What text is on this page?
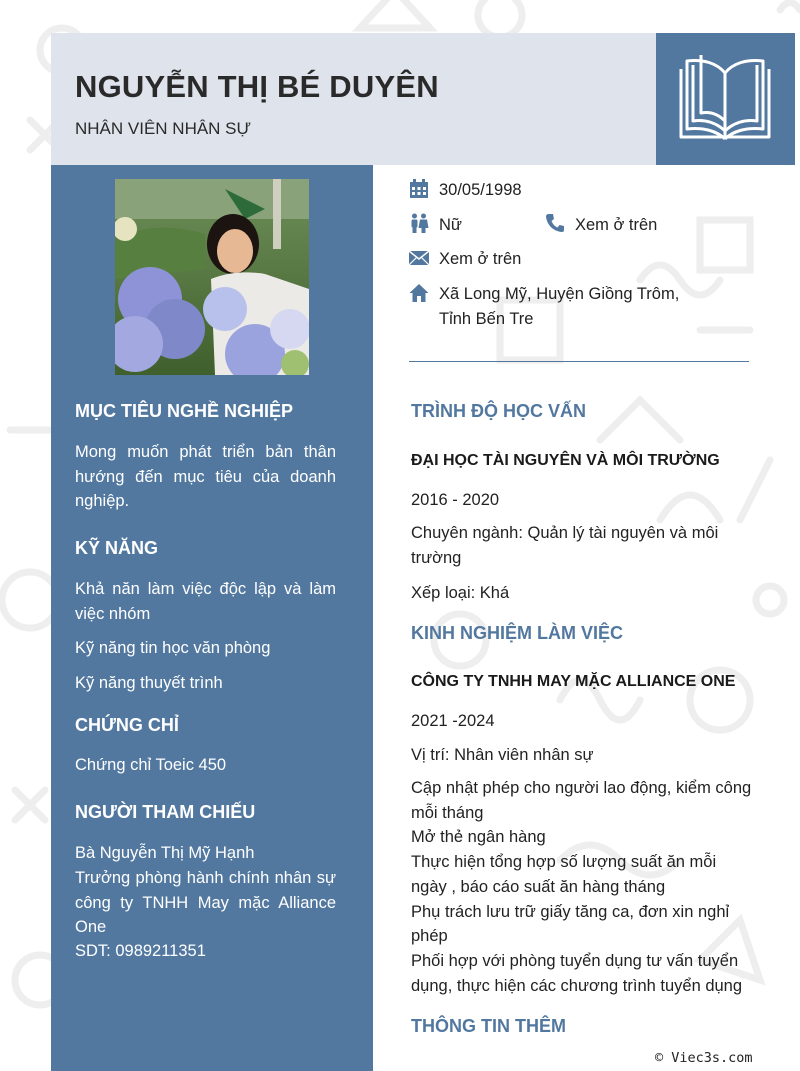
NGUYỄN THỊ BÉ DUYÊN
NHÂN VIÊN NHÂN SỰ
MỤC TIÊU NGHỀ NGHIỆP
Mong muốn phát triển bản thân hướng đến mục tiêu của doanh nghiệp.
KỸ NĂNG
Khả năn làm việc độc lập và làm việc nhóm
Kỹ năng tin học văn phòng
Kỹ năng thuyết trình
CHỨNG CHỈ
Chứng chỉ Toeic 450
NGƯỜI THAM CHIẾU
Bà Nguyễn Thị Mỹ Hạnh
Trưởng phòng hành chính nhân sự công ty TNHH May mặc Alliance One
SDT: 0989211351
30/05/1998
Nữ	Xem ở trên
Xem ở trên
Xã Long Mỹ, Huyện Giồng Trôm,
Tỉnh Bến Tre
TRÌNH ĐỘ HỌC VẤN
ĐẠI HỌC TÀI NGUYÊN VÀ MÔI TRƯỜNG
2016 - 2020
Chuyên ngành: Quản lý tài nguyên và môi trường
Xếp loại: Khá
KINH NGHIỆM LÀM VIỆC
CÔNG TY TNHH MAY MẶC ALLIANCE ONE
2021 -2024
Vị trí: Nhân viên nhân sự
Cập nhật phép cho người lao động, kiểm công mỗi tháng
Mở thẻ ngân hàng
Thực hiện tổng hợp số lượng suất ăn mỗi ngày , báo cáo suất ăn hàng tháng
Phụ trách lưu trữ giấy tăng ca, đơn xin nghỉ phép
Phối hợp với phòng tuyển dụng tư vấn tuyển dụng, thực hiện các chương trình tuyển dụng
THÔNG TIN THÊM
© Viec3s.com
